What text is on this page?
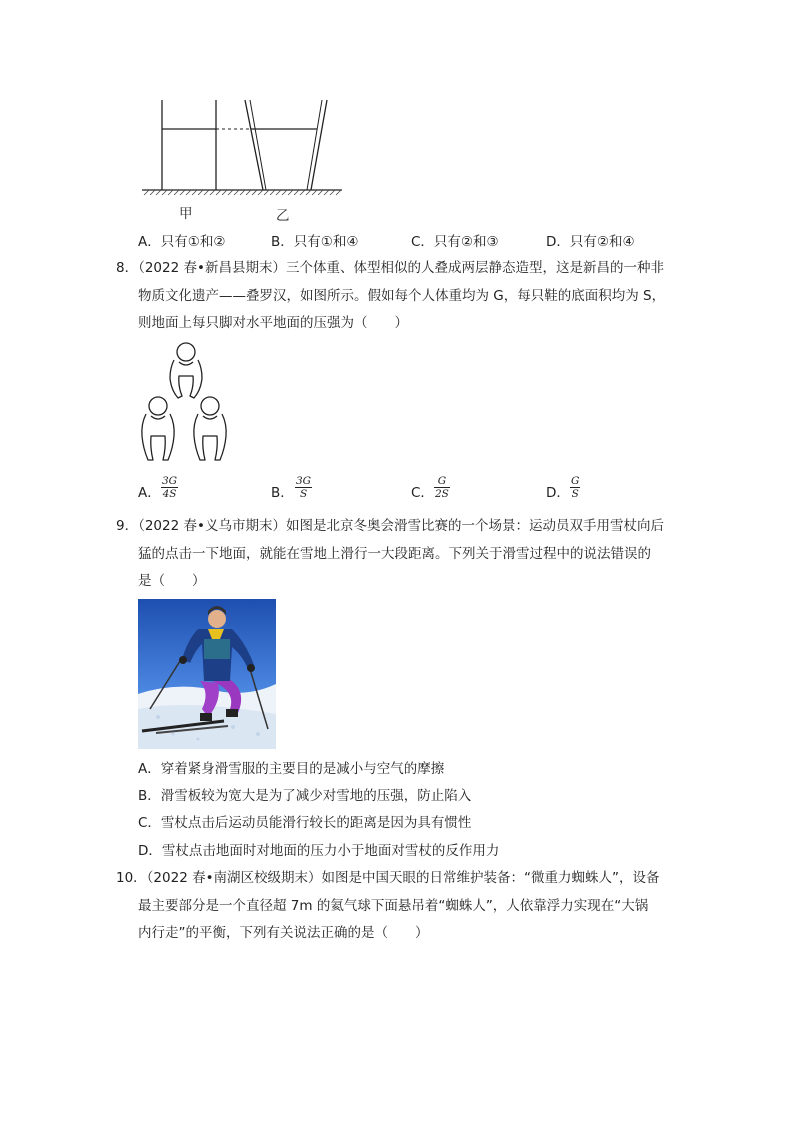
甲	乙
A．只有①和②	B．只有①和④	C．只有②和③	D．只有②和④
8．（2022 春•新昌县期末）三个体重、体型相似的人叠成两层静态造型，这是新昌的一种非
物质文化遗产——叠罗汉，如图所示。假如每个人体重均为 G，每只鞋的底面积均为 S，
则地面上每只脚对水平地面的压强为（　　）
A． $\frac{3G}{4S}$	B． $\frac{3G}{S}$	C． $\frac{G}{2S}$	D． $\frac{G}{S}$
9．（2022 春•义乌市期末）如图是北京冬奥会滑雪比赛的一个场景：运动员双手用雪杖向后
猛的点击一下地面，就能在雪地上滑行一大段距离。下列关于滑雪过程中的说法错误的
是（　　）
A．穿着紧身滑雪服的主要目的是减小与空气的摩擦
B．滑雪板较为宽大是为了减少对雪地的压强，防止陷入
C．雪杖点击后运动员能滑行较长的距离是因为具有惯性
D．雪杖点击地面时对地面的压力小于地面对雪杖的反作用力
10．（2022 春•南湖区校级期末）如图是中国天眼的日常维护装备：“微重力蜘蛛人”，设备
最主要部分是一个直径超 7m 的氦气球下面悬吊着“蜘蛛人”，人依靠浮力实现在“大锅
内行走”的平衡，下列有关说法正确的是（　　）
